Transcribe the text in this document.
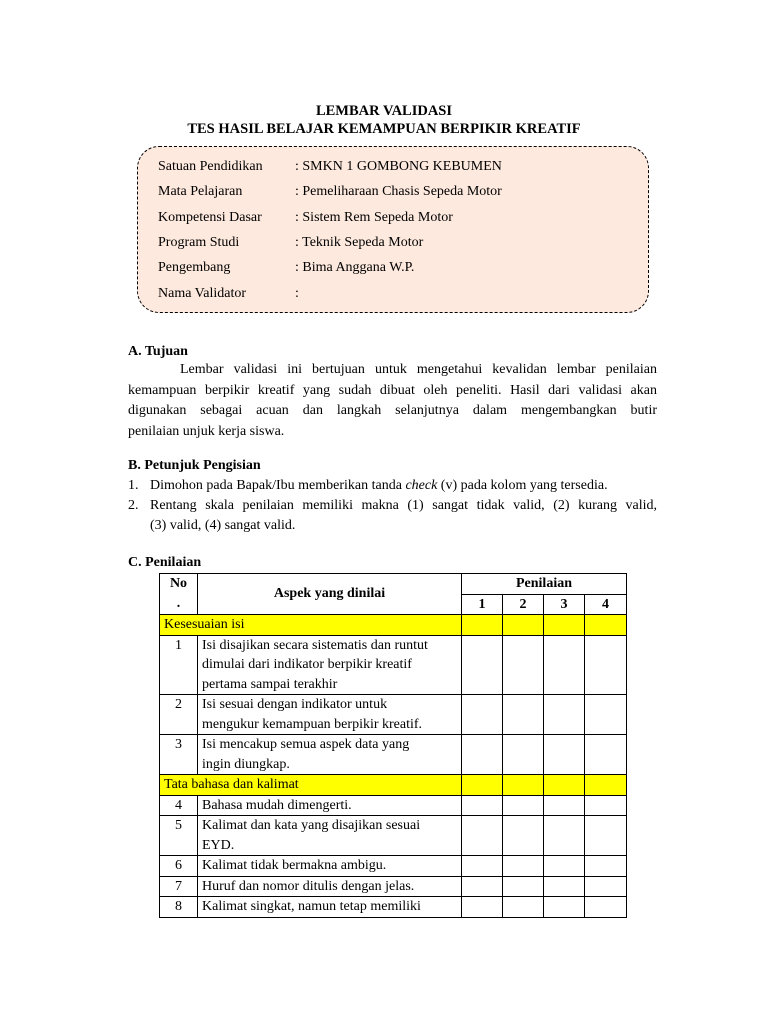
LEMBAR VALIDASI
TES HASIL BELAJAR KEMAMPUAN BERPIKIR KREATIF
Satuan Pendidikan : SMKN 1 GOMBONG KEBUMEN
Mata Pelajaran	: Pemeliharaan Chasis Sepeda Motor
Kompetensi Dasar : Sistem Rem Sepeda Motor
Program Studi	: Teknik Sepeda Motor
Pengembang	: Bima Anggana W.P.
Nama Validator	:
A. Tujuan
Lembar validasi ini bertujuan untuk mengetahui kevalidan lembar penilaian
kemampuan berpikir kreatif yang sudah dibuat oleh peneliti. Hasil dari validasi akan
digunakan sebagai acuan dan langkah selanjutnya dalam mengembangkan butir
penilaian unjuk kerja siswa.
B. Petunjuk Pengisian
1. Dimohon pada Bapak/Ibu memberikan tanda check (v) pada kolom yang tersedia.
2. Rentang skala penilaian memiliki makna (1) sangat tidak valid, (2) kurang valid,
(3) valid, (4) sangat valid.
C. Penilaian
No
.	Aspek yang dinilai	Penilaian			
		1	2	3	4
Kesesuaian isi					
1	Isi disajikan secara sistematis dan runtut
dimulai dari indikator berpikir kreatif
pertama sampai terakhir				

2	Isi sesuai dengan indikator untuk
mengukur kemampuan berpikir kreatif.				

3	Isi mencakup semua aspek data yang
ingin diungkap.				

Tata bahasa dan kalimat					
4	Bahasa mudah dimengerti.				

5	Kalimat dan kata yang disajikan sesuai
EYD.				

6	Kalimat tidak bermakna ambigu.				

7	Huruf dan nomor ditulis dengan jelas.				

8	Kalimat singkat, namun tetap memiliki				
